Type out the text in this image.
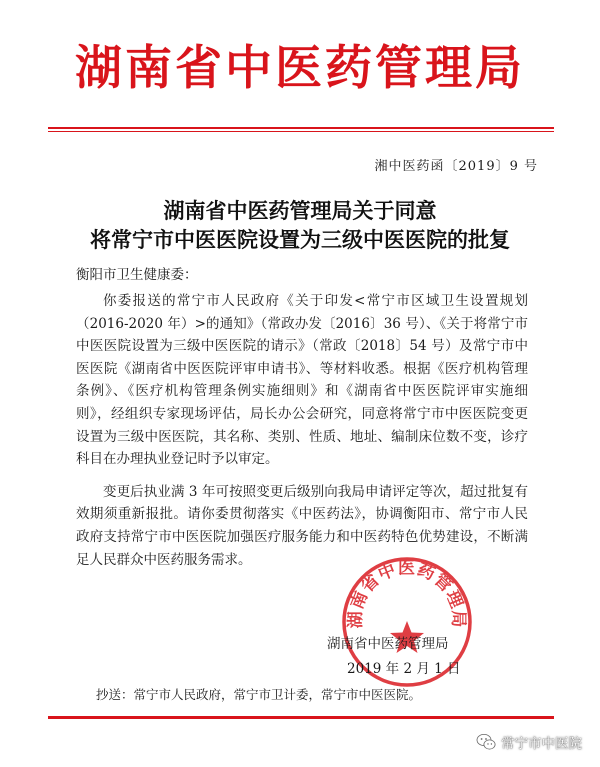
湖南省中医药管理局
湘中医药函〔2019〕9 号
湖南省中医药管理局关于同意
将常宁市中医医院设置为三级中医医院的批复
衡阳市卫生健康委：

你委报送的常宁市人民政府《关于印发<常宁市区域卫生设置规划（2016-2020 年）>的通知》（常政办发〔2016〕36 号）、《关于将常宁市中医医院设置为三级中医医院的请示》（常政〔2018〕54 号）及常宁市中医医院《湖南省中医医院评审申请书》、等材料收悉。根据《医疗机构管理条例》、《医疗机构管理条例实施细则》和《湖南省中医医院评审实施细则》，经组织专家现场评估，局长办公会研究，同意将常宁市中医医院变更设置为三级中医医院，其名称、类别、性质、地址、编制床位数不变，诊疗科目在办理执业登记时予以审定。

变更后执业满 3 年可按照变更后级别向我局申请评定等次，超过批复有效期须重新报批。请你委贯彻落实《中医药法》，协调衡阳市、常宁市人民政府支持常宁市中医医院加强医疗服务能力和中医药特色优势建设，不断满足人民群众中医药服务需求。

湖南省中医药管理局
湖南省中医药管理局
2019 年 2 月 1 日
抄送：常宁市人民政府，常宁市卫计委，常宁市中医医院。
常宁市中医院
